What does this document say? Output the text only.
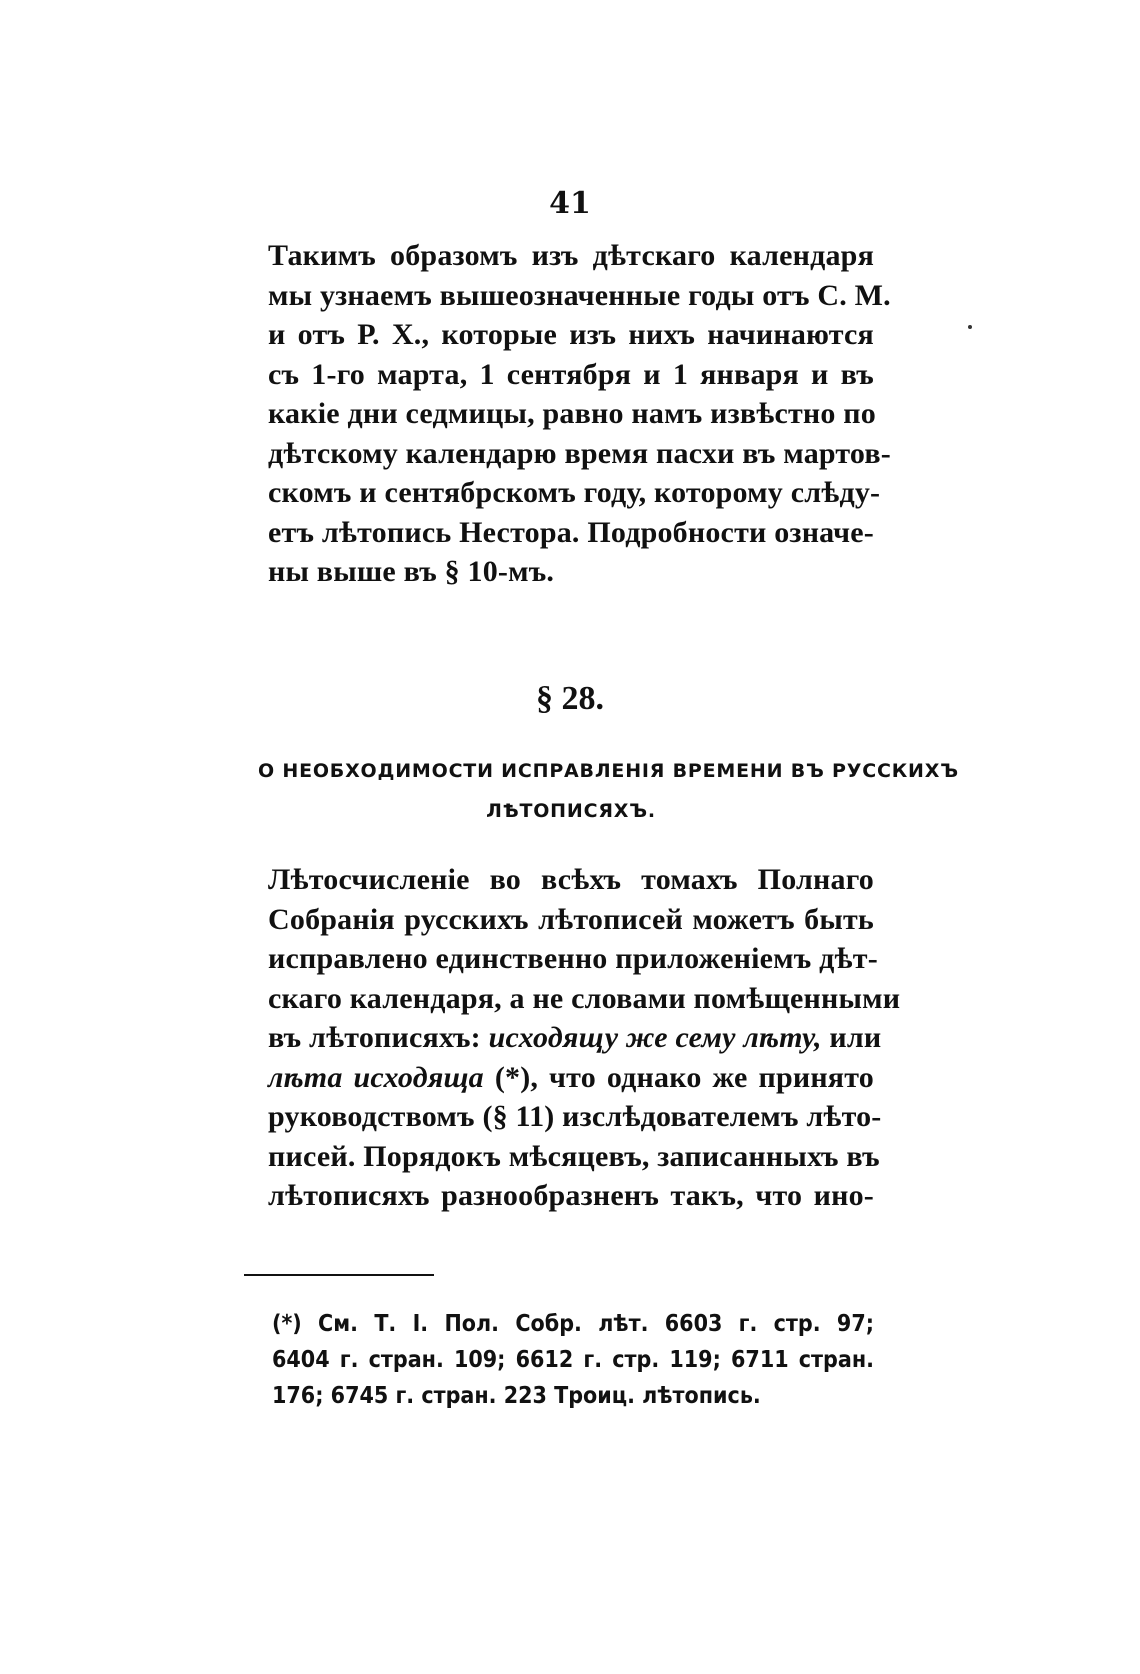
41
Такимъ образомъ изъ дѣтскаго календаря
мы узнаемъ вышеозначенные годы отъ С. М.
и отъ Р. X., которые изъ нихъ начинаются
съ 1-го марта, 1 сентября и 1 января и въ
какіе дни седмицы, равно намъ извѣстно по
дѣтскому календарю время пасхи въ мартов-
скомъ и сентябрскомъ году, которому слѣду-
етъ лѣтопись Нестора. Подробности означе-
ны выше въ § 10-мъ.
§ 28.
О НЕОБХОДИМОСТИ ИСПРАВЛЕНІЯ ВРЕМЕНИ ВЪ РУССКИХЪ
ЛѢТОПИСЯХЪ.
Лѣтосчисленіе во всѣхъ томахъ Полнаго
Собранія русскихъ лѣтописей можетъ быть
исправлено единственно приложеніемъ дѣт-
скаго календаря, а не словами помѣщенными
въ лѣтописяхъ: исходящу же сему лѣту, или
лѣта исходяща (*), что однако же принято
руководствомъ (§ 11) изслѣдователемъ лѣто-
писей. Порядокъ мѣсяцевъ, записанныхъ въ
лѣтописяхъ разнообразненъ такъ, что ино-
(*) См. Т. I. Пол. Собр. лѣт. 6603 г. стр. 97;
6404 г. стран. 109; 6612 г. стр. 119; 6711 стран.
176; 6745 г. стран. 223 Троиц. лѣтопись.
